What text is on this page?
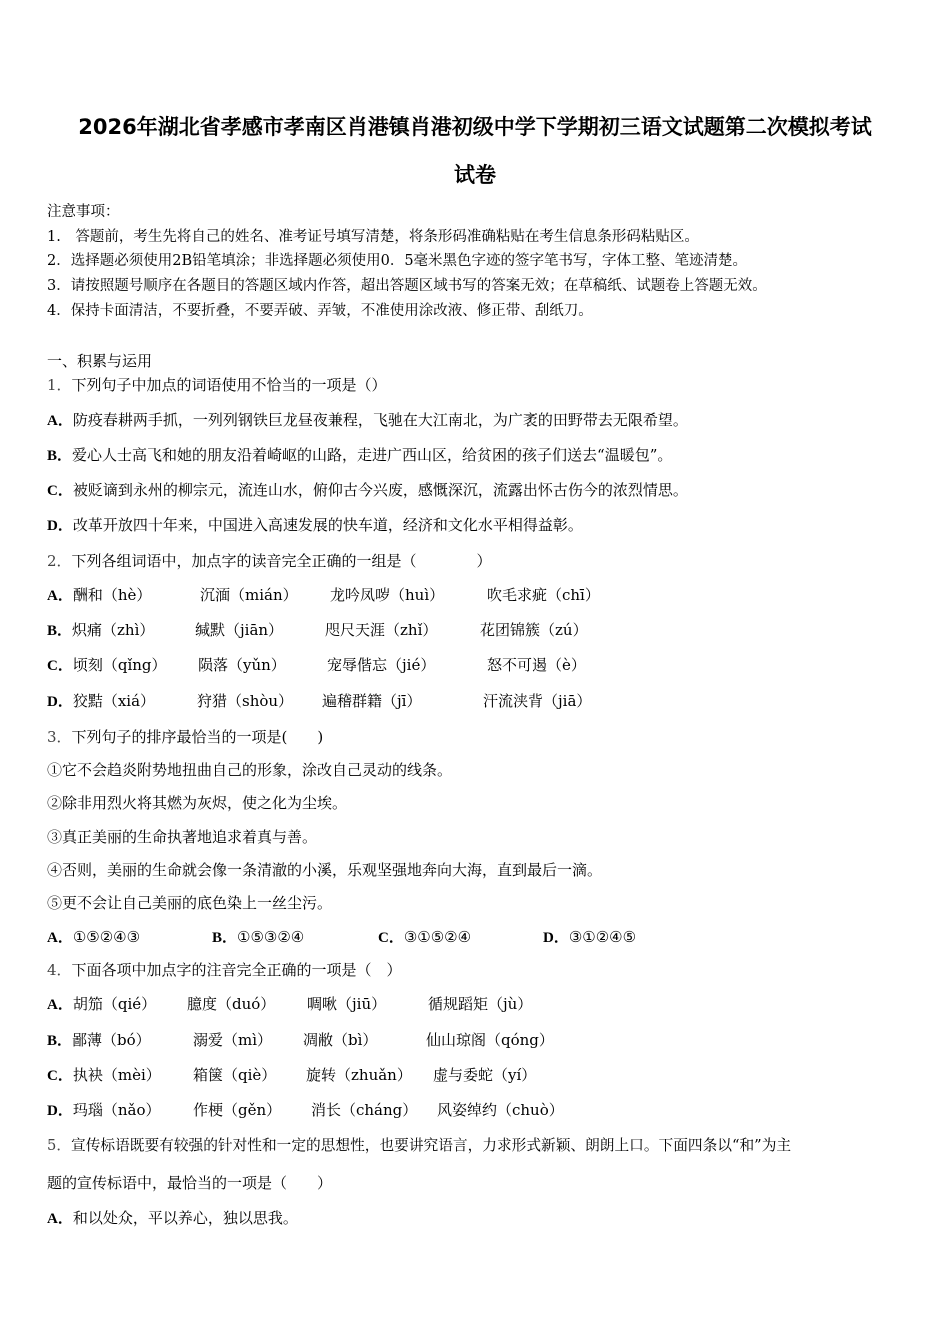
2026年湖北省孝感市孝南区肖港镇肖港初级中学下学期初三语文试题第二次模拟考试
试卷
注意事项：
1.　答题前，考生先将自己的姓名、准考证号填写清楚，将条形码准确粘贴在考生信息条形码粘贴区。
2．选择题必须使用2B铅笔填涂；非选择题必须使用0．5毫米黑色字迹的签字笔书写，字体工整、笔迹清楚。
3．请按照题号顺序在各题目的答题区域内作答，超出答题区域书写的答案无效；在草稿纸、试题卷上答题无效。
4．保持卡面清洁，不要折叠，不要弄破、弄皱，不准使用涂改液、修正带、刮纸刀。
一、积累与运用
1．下列句子中加点的词语使用不恰当的一项是（）
A．防疫春耕两手抓，一列列钢铁巨龙昼夜兼程，飞驰在大江南北，为广袤的田野带去无限希望。
B．爱心人士高飞和她的朋友沿着崎岖的山路，走进广西山区，给贫困的孩子们送去“温暖包”。
C．被贬谪到永州的柳宗元，流连山水，俯仰古今兴废，感慨深沉，流露出怀古伤今的浓烈情思。
D．改革开放四十年来，中国进入高速发展的快车道，经济和文化水平相得益彰。
2．下列各组词语中，加点字的读音完全正确的一组是（　　　　）
A．酬和（hè）	沉湎（mián） 龙吟凤哕（huì）	吹毛求疵（chī）
B．炽痛（zhì）	缄默（jiān）	咫尺天涯（zhǐ）	花团锦簇（zú）
C．顷刻（qǐng） 陨落（yǔn）	宠辱偕忘（jié）	怒不可遏（è）
D．狡黠（xiá）	狩猎（shòu） 遍稽群籍（jī）	汗流浃背（jiā）
3．下列句子的排序最恰当的一项是(　　)
①它不会趋炎附势地扭曲自己的形象，涂改自己灵动的线条。
②除非用烈火将其燃为灰烬，使之化为尘埃。
③真正美丽的生命执著地追求着真与善。
④否则，美丽的生命就会像一条清澈的小溪，乐观坚强地奔向大海，直到最后一滴。
⑤更不会让自己美丽的底色染上一丝尘污。
A．①⑤②④③	B．①⑤③②④	C．③①⑤②④	D．③①②④⑤
4．下面各项中加点字的注音完全正确的一项是（　）
A．胡笳（qié） 臆度（duó） 啁啾（jiū）	循规蹈矩（jù）
B．鄙薄（bó）	溺爱（mì） 凋敝（bì）	仙山琼阁（qóng）
C．执袂（mèi） 箱箧（qiè） 旋转（zhuǎn） 虚与委蛇（yí）
D．玛瑙（nǎo） 作梗（gěn） 消长（cháng） 风姿绰约（chuò）
5．宣传标语既要有较强的针对性和一定的思想性，也要讲究语言，力求形式新颖、朗朗上口。下面四条以“和”为主
题的宣传标语中，最恰当的一项是（　　）
A．和以处众，平以养心，独以思我。
